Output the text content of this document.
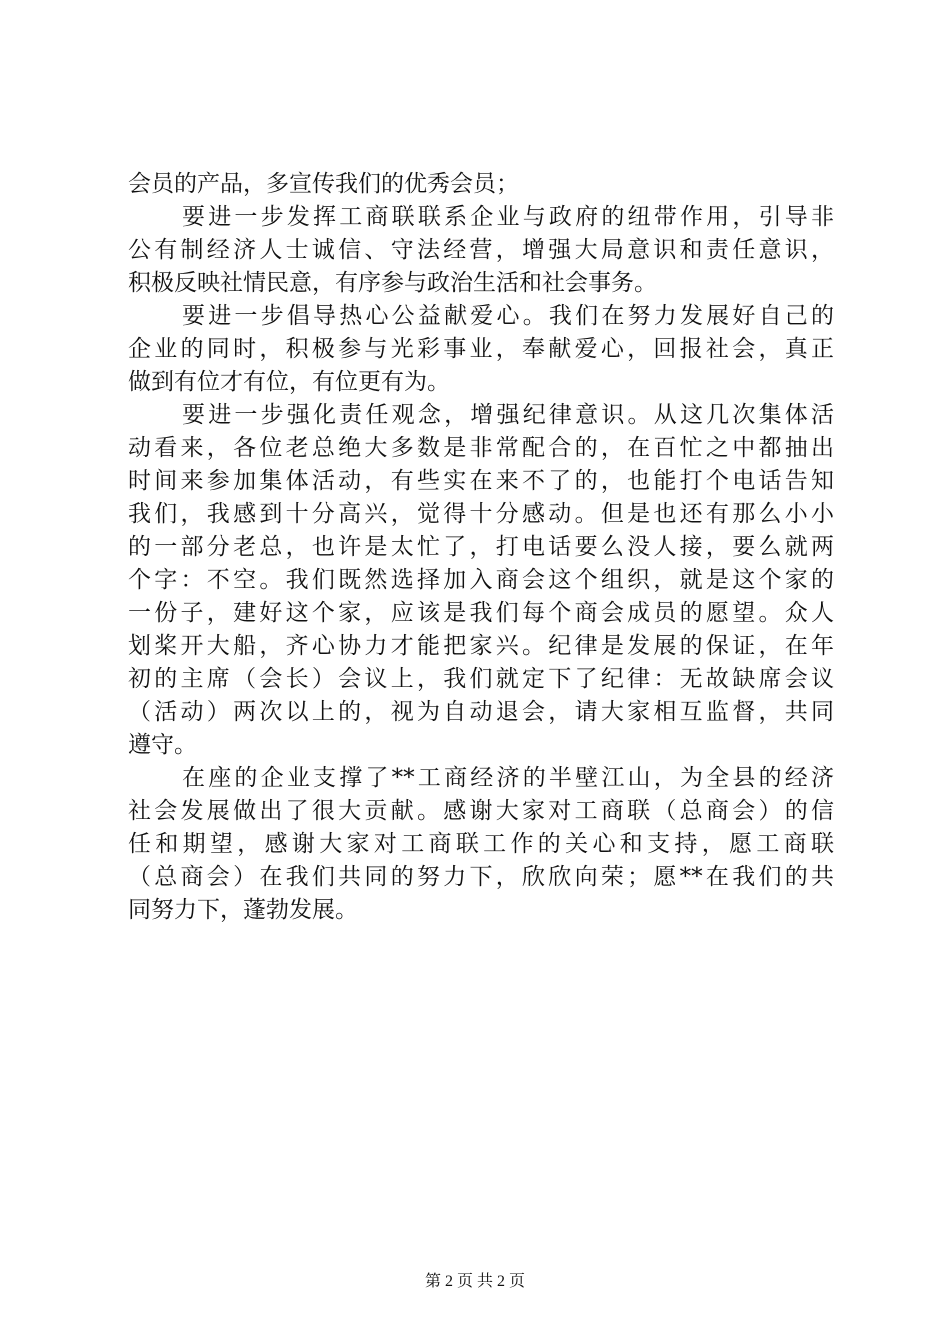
会员的产品，多宣传我们的优秀会员；
要进一步发挥工商联联系企业与政府的纽带作用，引导非
公有制经济人士诚信、守法经营，增强大局意识和责任意识，
积极反映社情民意，有序参与政治生活和社会事务。
要进一步倡导热心公益献爱心。我们在努力发展好自己的
企业的同时，积极参与光彩事业，奉献爱心，回报社会，真正
做到有位才有位，有位更有为。
要进一步强化责任观念，增强纪律意识。从这几次集体活
动看来，各位老总绝大多数是非常配合的，在百忙之中都抽出
时间来参加集体活动，有些实在来不了的，也能打个电话告知
我们，我感到十分高兴，觉得十分感动。但是也还有那么小小
的一部分老总，也许是太忙了，打电话要么没人接，要么就两
个字：不空。我们既然选择加入商会这个组织，就是这个家的
一份子，建好这个家，应该是我们每个商会成员的愿望。众人
划桨开大船，齐心协力才能把家兴。纪律是发展的保证，在年
初的主席（会长）会议上，我们就定下了纪律：无故缺席会议
（活动）两次以上的，视为自动退会，请大家相互监督，共同
遵守。
在座的企业支撑了**工商经济的半壁江山，为全县的经济
社会发展做出了很大贡献。感谢大家对工商联（总商会）的信
任和期望，感谢大家对工商联工作的关心和支持，愿工商联
（总商会）在我们共同的努力下，欣欣向荣；愿**在我们的共
同努力下，蓬勃发展。
第 2 页 共 2 页
